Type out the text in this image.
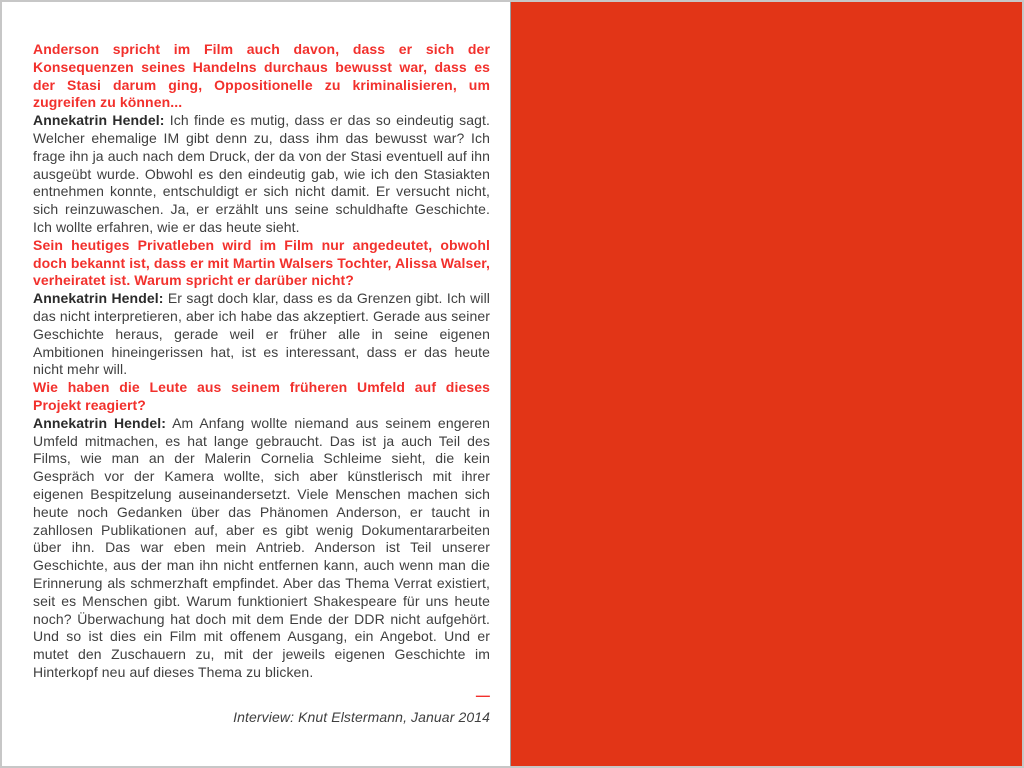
Anderson spricht im Film auch davon, dass er sich der Konsequenzen seines Handelns durchaus bewusst war, dass es der Stasi darum ging, Oppositionelle zu kriminalisieren, um zugreifen zu können...

Annekatrin Hendel: Ich finde es mutig, dass er das so eindeutig sagt. Welcher ehemalige IM gibt denn zu, dass ihm das bewusst war? Ich frage ihn ja auch nach dem Druck, der da von der Stasi eventuell auf ihn ausgeübt wurde. Obwohl es den eindeutig gab, wie ich den Stasiakten entnehmen konnte, entschuldigt er sich nicht damit. Er versucht nicht, sich reinzuwaschen. Ja, er erzählt uns seine schuldhafte Geschichte. Ich wollte erfahren, wie er das heute sieht.

Sein heutiges Privatleben wird im Film nur angedeutet, obwohl doch bekannt ist, dass er mit Martin Walsers Tochter, Alissa Walser, verheiratet ist. Warum spricht er darüber nicht?

Annekatrin Hendel: Er sagt doch klar, dass es da Grenzen gibt. Ich will das nicht interpretieren, aber ich habe das akzeptiert. Gerade aus seiner Geschichte heraus, gerade weil er früher alle in seine eigenen Ambitionen hineingerissen hat, ist es interessant, dass er das heute nicht mehr will.

Wie haben die Leute aus seinem früheren Umfeld auf dieses Projekt reagiert?

Annekatrin Hendel: Am Anfang wollte niemand aus seinem engeren Umfeld mitmachen, es hat lange gebraucht. Das ist ja auch Teil des Films, wie man an der Malerin Cornelia Schleime sieht, die kein Gespräch vor der Kamera wollte, sich aber künstlerisch mit ihrer eigenen Bespitzelung auseinandersetzt. Viele Menschen machen sich heute noch Gedanken über das Phänomen Anderson, er taucht in zahllosen Publikationen auf, aber es gibt wenig Dokumentararbeiten über ihn. Das war eben mein Antrieb. Anderson ist Teil unserer Geschichte, aus der man ihn nicht entfernen kann, auch wenn man die Erinnerung als schmerzhaft empfindet. Aber das Thema Verrat existiert, seit es Menschen gibt. Warum funktioniert Shakespeare für uns heute noch? Überwachung hat doch mit dem Ende der DDR nicht aufgehört. Und so ist dies ein Film mit offenem Ausgang, ein Angebot. Und er mutet den Zuschauern zu, mit der jeweils eigenen Geschichte im Hinterkopf neu auf dieses Thema zu blicken.

—

Interview: Knut Elstermann, Januar 2014
